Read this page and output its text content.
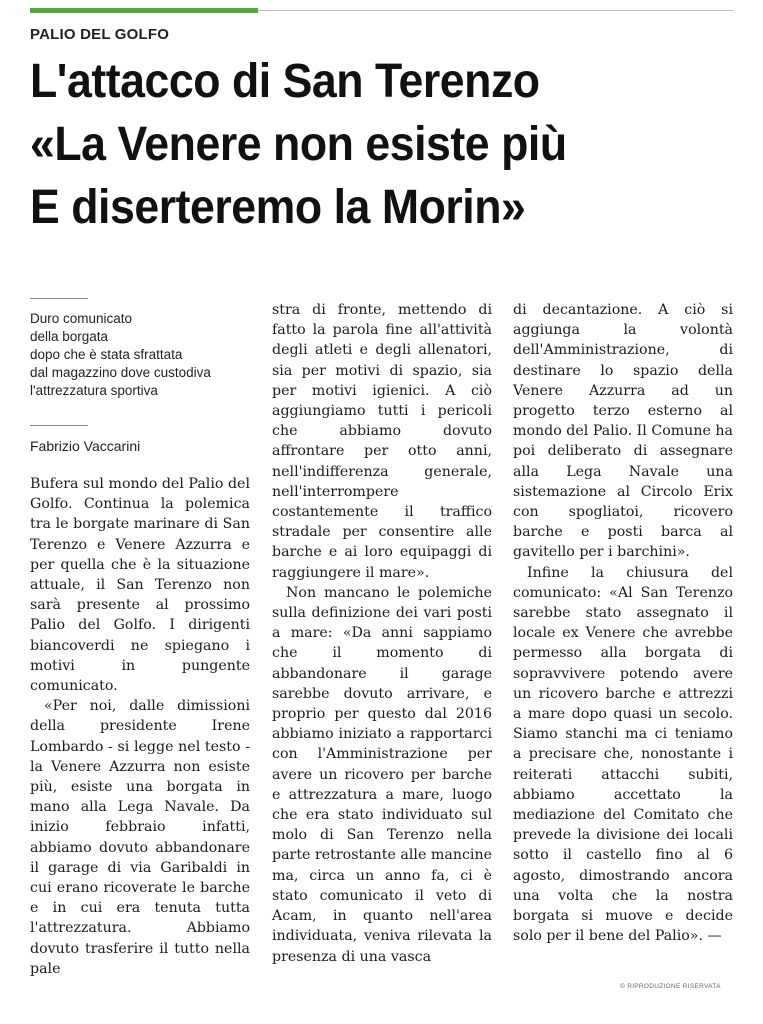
PALIO DEL GOLFO
L'attacco di San Terenzo
«La Venere non esiste più
E diserteremo la Morin»
Duro comunicato
della borgata
dopo che è stata sfrattata
dal magazzino dove custodiva
l'attrezzatura sportiva
Fabrizio Vaccarini

Bufera sul mondo del Palio del Golfo. Continua la polemica tra le borgate marinare di San Terenzo e Venere Azzurra e per quella che è la situazione attuale, il San Terenzo non sarà presente al prossimo Palio del Golfo. I dirigenti biancoverdi ne spiegano i motivi in pungente comunicato.

«Per noi, dalle dimissioni della presidente Irene Lombardo - si legge nel testo - la Venere Azzurra non esiste più, esiste una borgata in mano alla Lega Navale. Da inizio febbraio infatti, abbiamo dovuto abbandonare il garage di via Garibaldi in cui erano ricoverate le barche e in cui era tenuta tutta l'attrezzatura. Abbiamo dovuto trasferire il tutto nella pale

stra di fronte, mettendo di fatto la parola fine all'attività degli atleti e degli allenatori, sia per motivi di spazio, sia per motivi igienici. A ciò aggiungiamo tutti i pericoli che abbiamo dovuto affrontare per otto anni, nell'indifferenza generale, nell'interrompere costantemente il traffico stradale per consentire alle barche e ai loro equipaggi di raggiungere il mare».

Non mancano le polemiche sulla definizione dei vari posti a mare: «Da anni sappiamo che il momento di abbandonare il garage sarebbe dovuto arrivare, e proprio per questo dal 2016 abbiamo iniziato a rapportarci con l'Amministrazione per avere un ricovero per barche e attrezzatura a mare, luogo che era stato individuato sul molo di San Terenzo nella parte retrostante alle mancine ma, circa un anno fa, ci è stato comunicato il veto di Acam, in quanto nell'area individuata, veniva rilevata la presenza di una vasca

di decantazione. A ciò si aggiunga la volontà dell'Amministrazione, di destinare lo spazio della Venere Azzurra ad un progetto terzo esterno al mondo del Palio. Il Comune ha poi deliberato di assegnare alla Lega Navale una sistemazione al Circolo Erix con spogliatoi, ricovero barche e posti barca al gavitello per i barchini».

Infine la chiusura del comunicato: «Al San Terenzo sarebbe stato assegnato il locale ex Venere che avrebbe permesso alla borgata di sopravvivere potendo avere un ricovero barche e attrezzi a mare dopo quasi un secolo. Siamo stanchi ma ci teniamo a precisare che, nonostante i reiterati attacchi subiti, abbiamo accettato la mediazione del Comitato che prevede la divisione dei locali sotto il castello fino al 6 agosto, dimostrando ancora una volta che la nostra borgata si muove e decide solo per il bene del Palio». —

© RIPRODUZIONE RISERVATA
